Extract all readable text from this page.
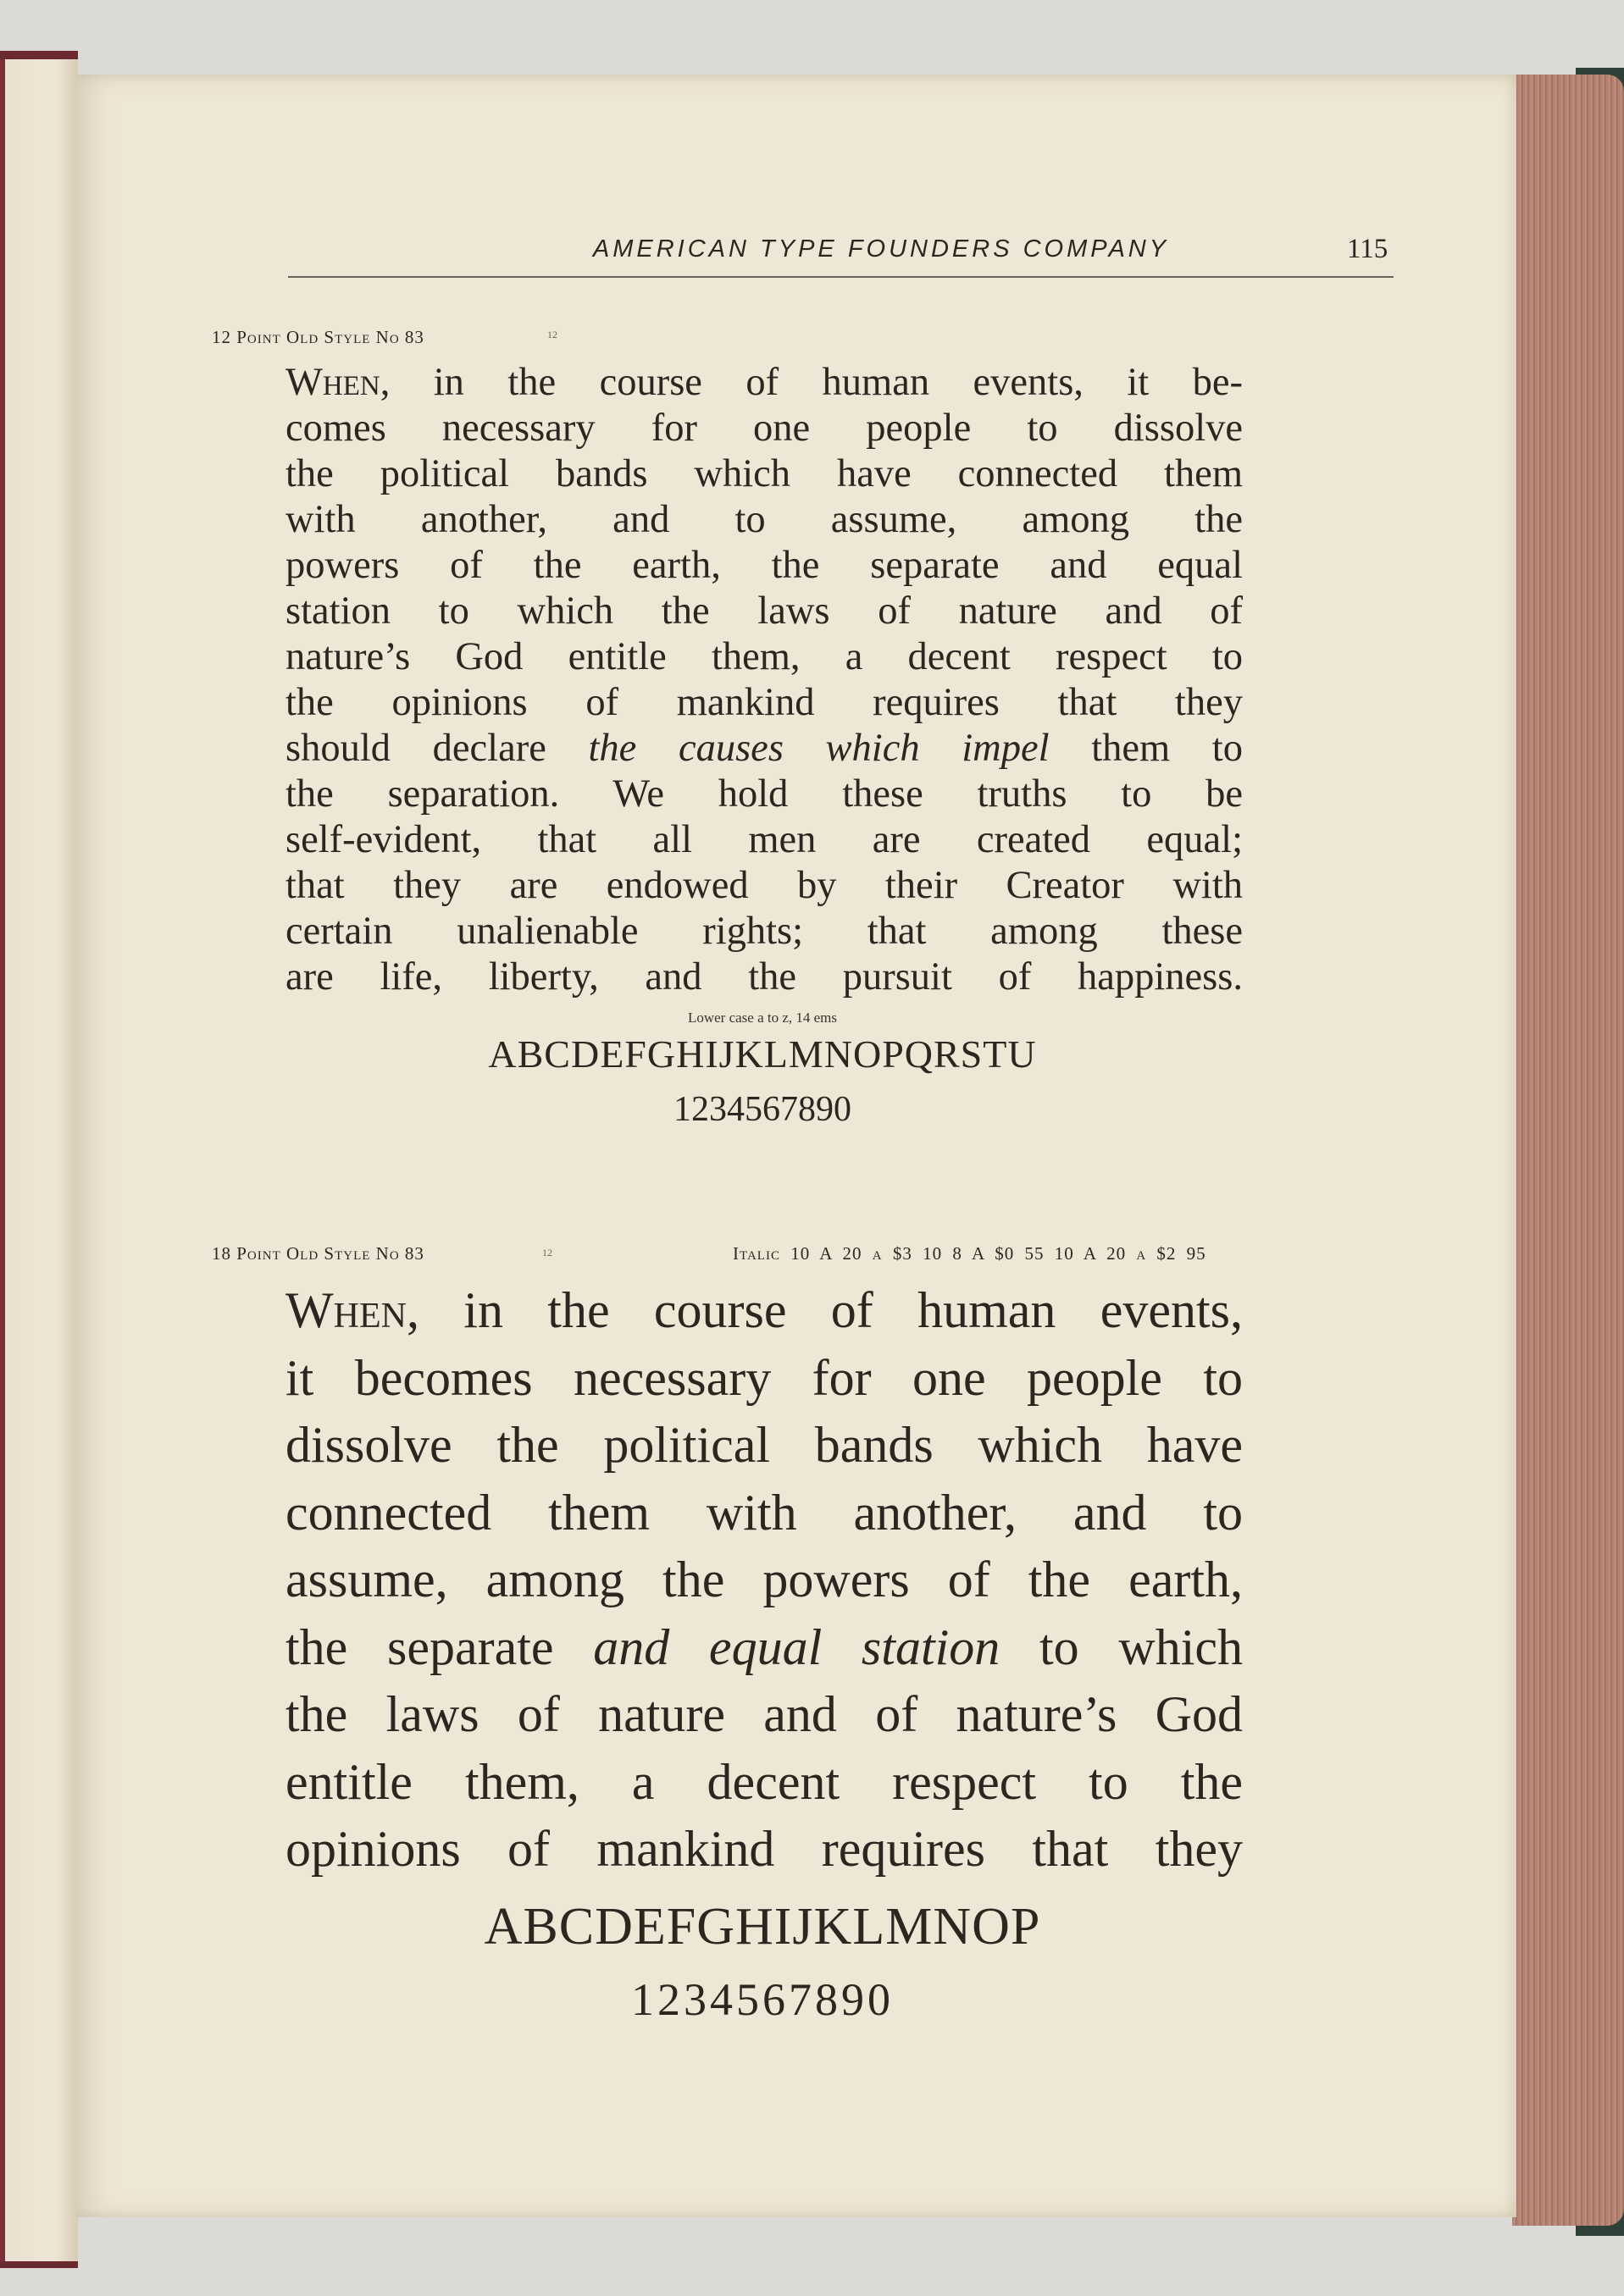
AMERICAN TYPE FOUNDERS COMPANY	115
12 Point Old Style No 83	12
When, in the course of human events, it be-
comes necessary for one people to dissolve
the political bands which have connected them
with another, and to assume, among the
powers of the earth, the separate and equal
station to which the laws of nature and of
nature’s God entitle them, a decent respect to
the opinions of mankind requires that they
should declare the causes which impel them to
the separation. We hold these truths to be
self-evident, that all men are created equal;
that they are endowed by their Creator with
certain unalienable rights; that among these
are life, liberty, and the pursuit of happiness.
Lower case a to z, 14 ems
ABCDEFGHIJKLMNOPQRSTU
1234567890
18 Point Old Style No 83	12	Italic 10 A 20 a $3 10 8 A $0 55 10 A 20 a $2 95
When, in the course of human events,
it becomes necessary for one people to
dissolve the political bands which have
connected them with another, and to
assume, among the powers of the earth,
the separate and equal station to which
the laws of nature and of nature’s God
entitle them, a decent respect to the
opinions of mankind requires that they
ABCDEFGHIJKLMNOP
1234567890
